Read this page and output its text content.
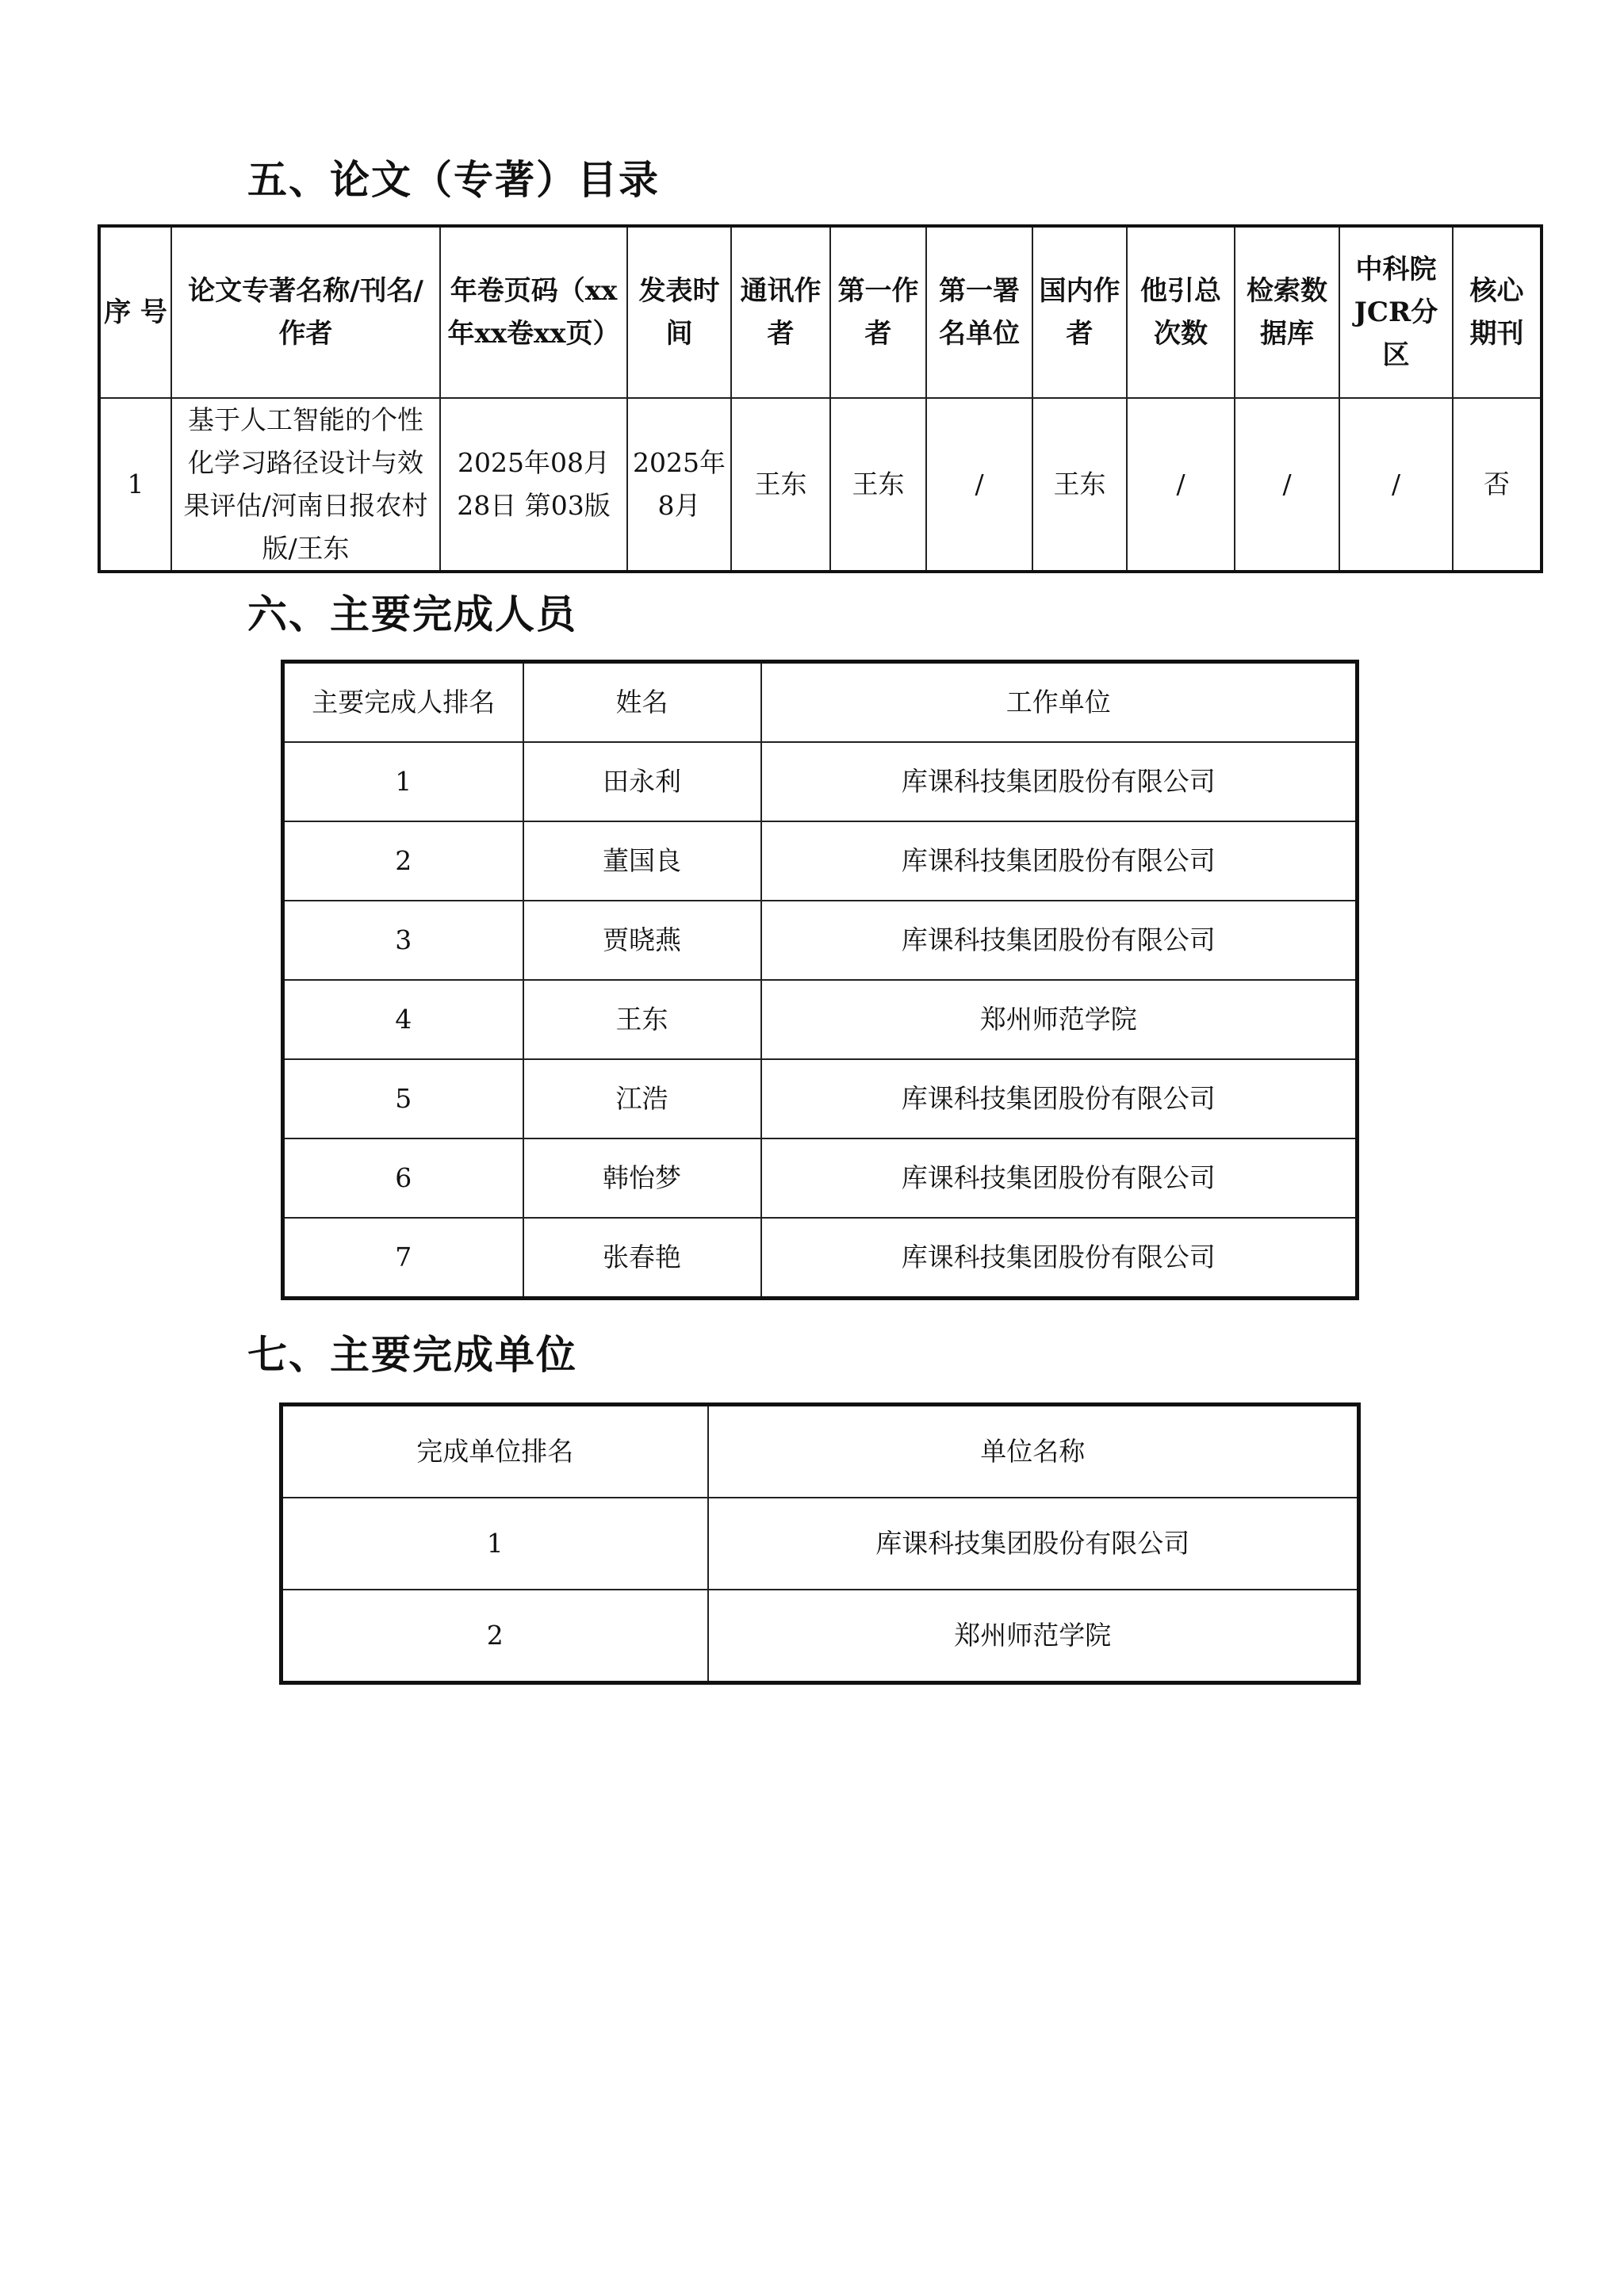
五、论文（专著）目录
序 号	论文专著名称/刊名/ 作者	年卷页码（xx年xx卷xx页）	发表时间	通讯作者	第一作者	第一署名单位	国内作者	他引总次数	检索数据库	中科院JCR分区	核心期刊
1	基于人工智能的个性化学习路径设计与效果评估/河南日报农村版/王东	2025年08月28日 第03版	2025年8月	王东	王东	/	王东	/	/	/	否
六、主要完成人员
主要完成人排名	姓名	工作单位
1	田永利	库课科技集团股份有限公司
2	董国良	库课科技集团股份有限公司
3	贾晓燕	库课科技集团股份有限公司
4	王东	郑州师范学院
5	江浩	库课科技集团股份有限公司
6	韩怡梦	库课科技集团股份有限公司
7	张春艳	库课科技集团股份有限公司
七、主要完成单位
完成单位排名	单位名称
1	库课科技集团股份有限公司
2	郑州师范学院
